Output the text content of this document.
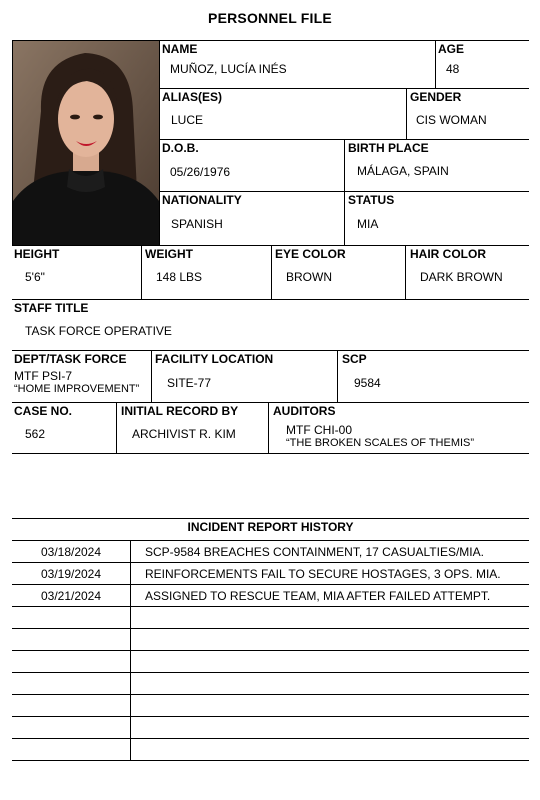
PERSONNEL FILE
NAME
MUÑOZ, LUCÍA INÉS
AGE
48
ALIAS(ES)
LUCE
GENDER
CIS WOMAN
D.O.B.
05/26/1976
BIRTH PLACE
MÁLAGA, SPAIN
NATIONALITY
SPANISH
STATUS
MIA
HEIGHT
5'6"
WEIGHT
148 LBS
EYE COLOR
BROWN
HAIR COLOR
DARK BROWN
STAFF TITLE
TASK FORCE OPERATIVE
DEPT/TASK FORCE
MTF PSI-7
“HOME IMPROVEMENT”
FACILITY LOCATION
SITE-77
SCP
9584
CASE NO.
562
INITIAL RECORD BY
ARCHIVIST R. KIM
AUDITORS
MTF CHI-00
“THE BROKEN SCALES OF THEMIS”
INCIDENT REPORT HISTORY
03/18/2024	SCP-9584 BREACHES CONTAINMENT, 17 CASUALTIES/MIA.
03/19/2024	REINFORCEMENTS FAIL TO SECURE HOSTAGES, 3 OPS. MIA.
03/21/2024	ASSIGNED TO RESCUE TEAM, MIA AFTER FAILED ATTEMPT.
